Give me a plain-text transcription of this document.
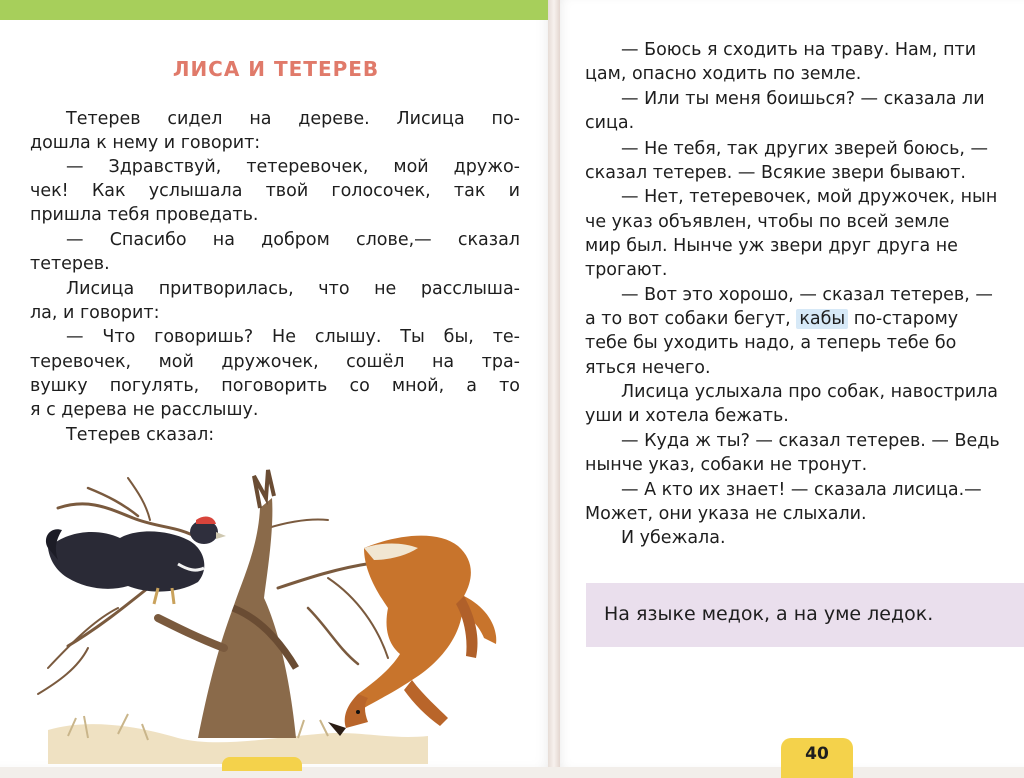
ЛИСА И ТЕТЕРЕВ
Тетерев сидел на дереве. Лисица по-
дошла к нему и говорит:
— Здравствуй, тетеревочек, мой дружо-
чек! Как услышала твой голосочек, так и
пришла тебя проведать.
— Спасибо на добром слове,— сказал
тетерев.
Лисица притворилась, что не расслыша-
ла, и говорит:
— Что говоришь? Не слышу. Ты бы, те-
теревочек, мой дружочек, сошёл на тра-
вушку погулять, поговорить со мной, а то
я с дерева не расслышу.
Тетерев сказал:
— Боюсь я сходить на траву. Нам, пти
цам, опасно ходить по земле.
— Или ты меня боишься? — сказала ли
сица.
— Не тебя, так других зверей боюсь, —
сказал тетерев. — Всякие звери бывают.
— Нет, тетеревочек, мой дружочек, нын
че указ объявлен, чтобы по всей земле
мир был. Нынче уж звери друг друга не
трогают.
— Вот это хорошо, — сказал тетерев, —
а то вот собаки бегут, кабы по-старому
тебе бы уходить надо, а теперь тебе бо
яться нечего.
Лисица услыхала про собак, навострила
уши и хотела бежать.
— Куда ж ты? — сказал тетерев. — Ведь
нынче указ, собаки не тронут.
— А кто их знает! — сказала лисица.—
Может, они указа не слыхали.
И убежала.
На языке медок, а на уме ледок.
40
